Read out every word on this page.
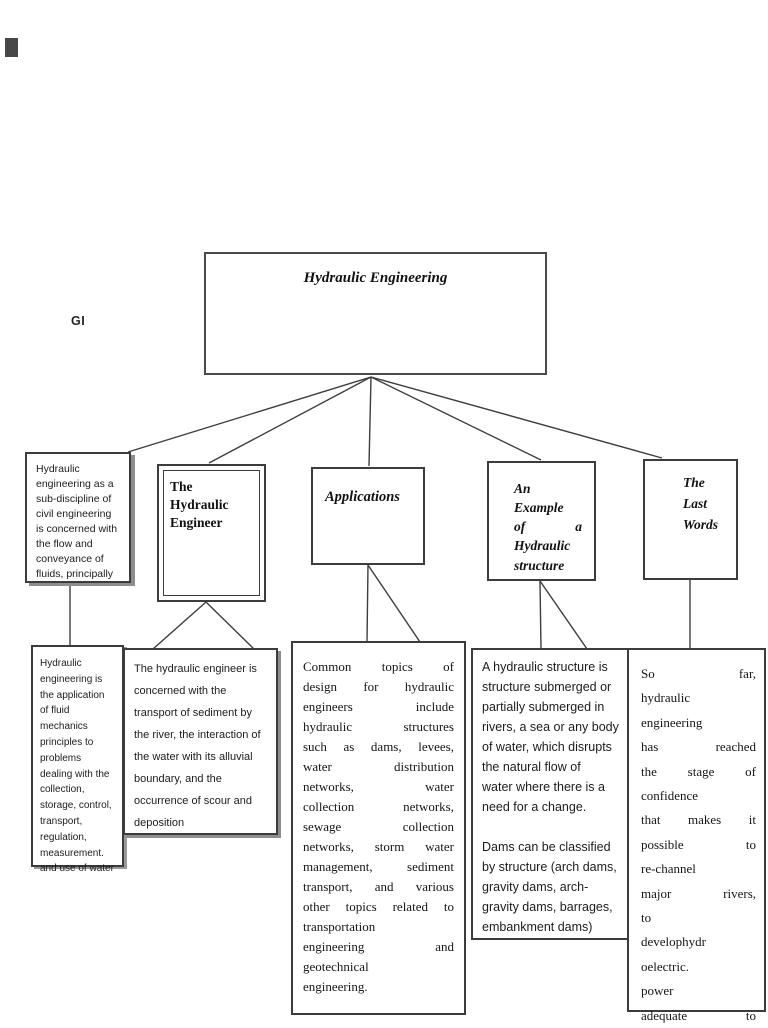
GI
Hydraulic Engineering
Hydraulic
engineering as a
sub-discipline of
civil engineering
is concerned with
the flow and
conveyance of
fluids, principally
The
Hydraulic
Engineer
Applications
An
Example
of a
Hydraulic
structure
The
Last
Words
Hydraulic
engineering is
the application
of fluid
mechanics
principles to
problems
dealing with the
collection,
storage, control,
transport,
regulation,
measurement.
and use of water
The hydraulic engineer is
concerned with the
transport of sediment by
the river, the interaction of
the water with its alluvial
boundary, and the
occurrence of scour and
deposition
Common topics of
design for hydraulic
engineers include
hydraulic structures
such as dams, levees,
water distribution
networks, water
collection networks,
sewage collection
networks, storm water
management, sediment
transport, and various
other topics related to
transportation
engineering and
geotechnical
engineering.
A hydraulic structure is
structure submerged or
partially submerged in
rivers, a sea or any body
of water, which disrupts
the natural flow of
water where there is a
need for a change.

Dams can be classified
by structure (arch dams,
gravity dams, arch-
gravity dams, barrages,
embankment dams)
So far,
hydraulic
engineering
has reached
the stage of
confidence
that makes it
possible to
re-channel
major rivers,
to
develophydr
oelectric.
power
adequate to
